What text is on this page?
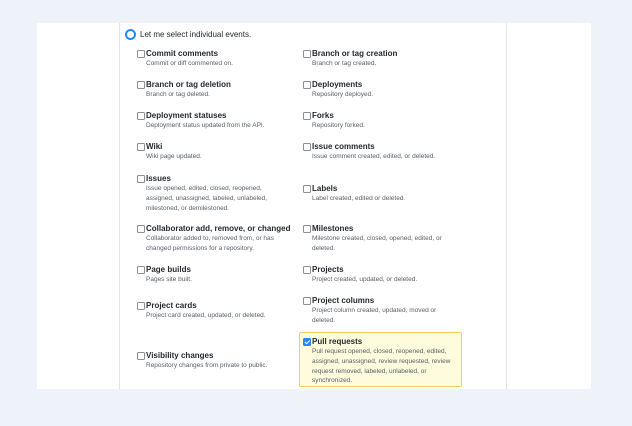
Let me select individual events.
Commit comments
Commit or diff commented on.
Branch or tag deletion
Branch or tag deleted.
Deployment statuses
Deployment status updated from the API.
Wiki
Wiki page updated.
Issues
Issue opened, edited, closed, reopened, assigned, unassigned, labeled, unlabeled, milestoned, or demilestoned.
Collaborator add, remove, or changed
Collaborator added to, removed from, or has changed permissions for a repository.
Page builds
Pages site built.
Project cards
Project card created, updated, or deleted.
Visibility changes
Repository changes from private to public.
Branch or tag creation
Branch or tag created.
Deployments
Repository deployed.
Forks
Repository forked.
Issue comments
Issue comment created, edited, or deleted.
Labels
Label created, edited or deleted.
Milestones
Milestone created, closed, opened, edited, or deleted.
Projects
Project created, updated, or deleted.
Project columns
Project column created, updated, moved or deleted.
Pull requests
Pull request opened, closed, reopened, edited, assigned, unassigned, review requested, review request removed, labeled, unlabeled, or synchronized.
